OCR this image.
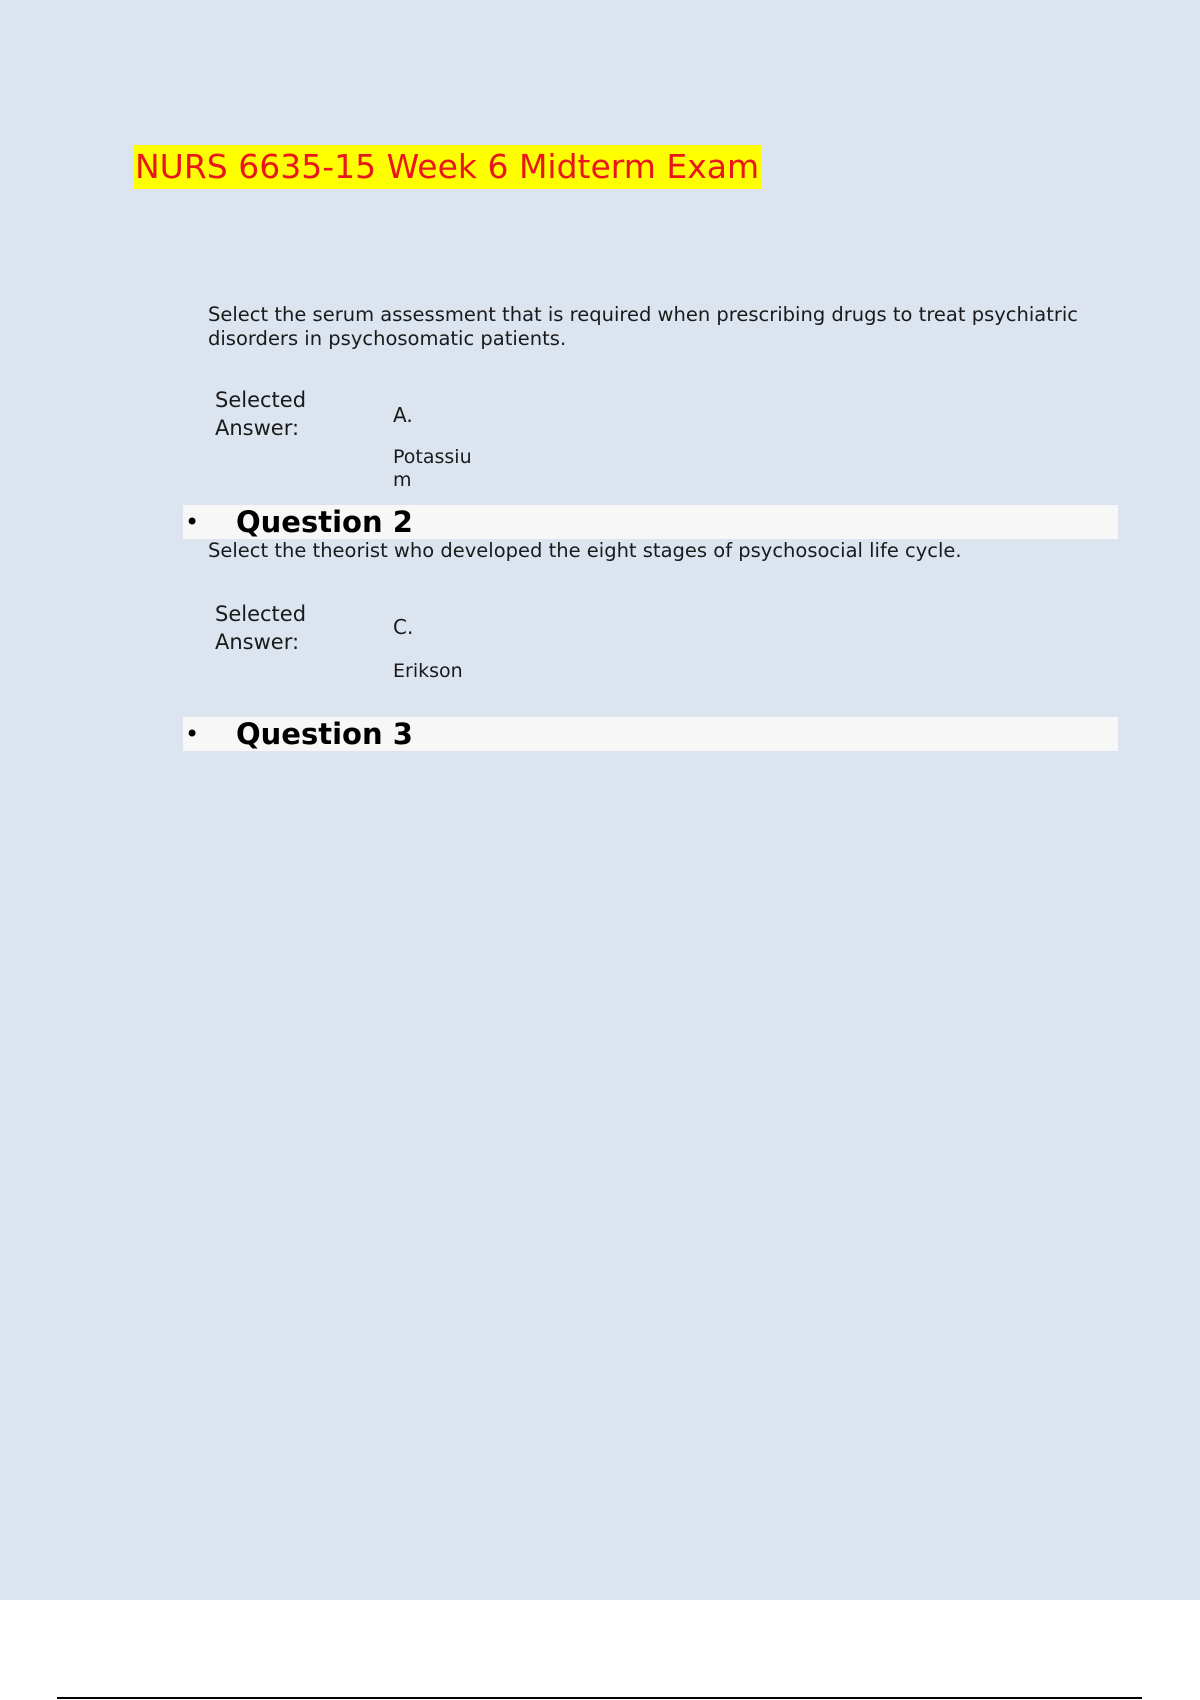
NURS 6635-15 Week 6 Midterm Exam
Select the serum assessment that is required when prescribing drugs to treat psychiatric disorders in psychosomatic patients.
Selected Answer:
A.
Potassium
• Question 2
Select the theorist who developed the eight stages of psychosocial life cycle.
Selected Answer:
C.
Erikson
• Question 3
